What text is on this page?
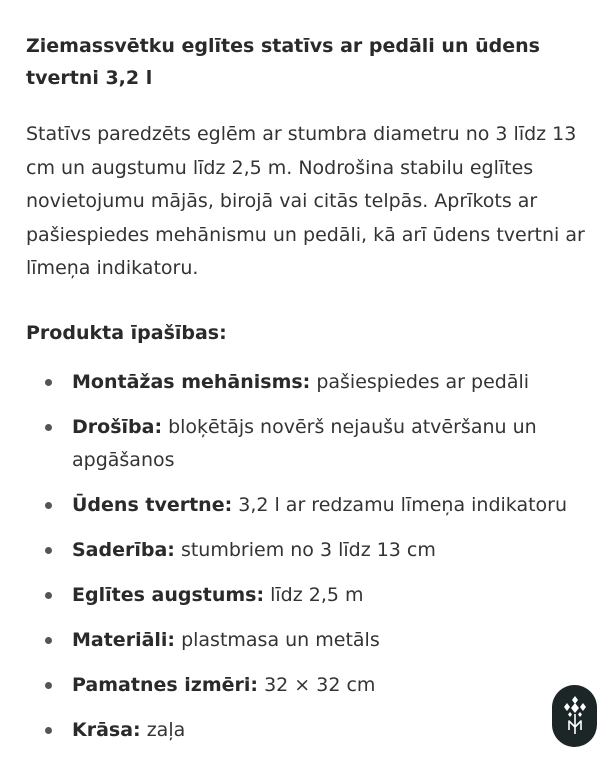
Ziemassvētku eglītes statīvs ar pedāli un ūdens tvertni 3,2 l

Statīvs paredzēts eglēm ar stumbra diametru no 3 līdz 13 cm un augstumu līdz 2,5 m. Nodrošina stabilu eglītes novietojumu mājās, birojā vai citās telpās. Aprīkots ar pašiespiedes mehānismu un pedāli, kā arī ūdens tvertni ar līmeņa indikatoru.

Produkta īpašības:
Montāžas mehānisms: pašiespiedes ar pedāli
Drošība: bloķētājs novērš nejaušu atvēršanu un apgāšanos
Ūdens tvertne: 3,2 l ar redzamu līmeņa indikatoru
Saderība: stumbriem no 3 līdz 13 cm
Eglītes augstums: līdz 2,5 m
Materiāli: plastmasa un metāls
Pamatnes izmēri: 32 × 32 cm
Krāsa: zaļa
